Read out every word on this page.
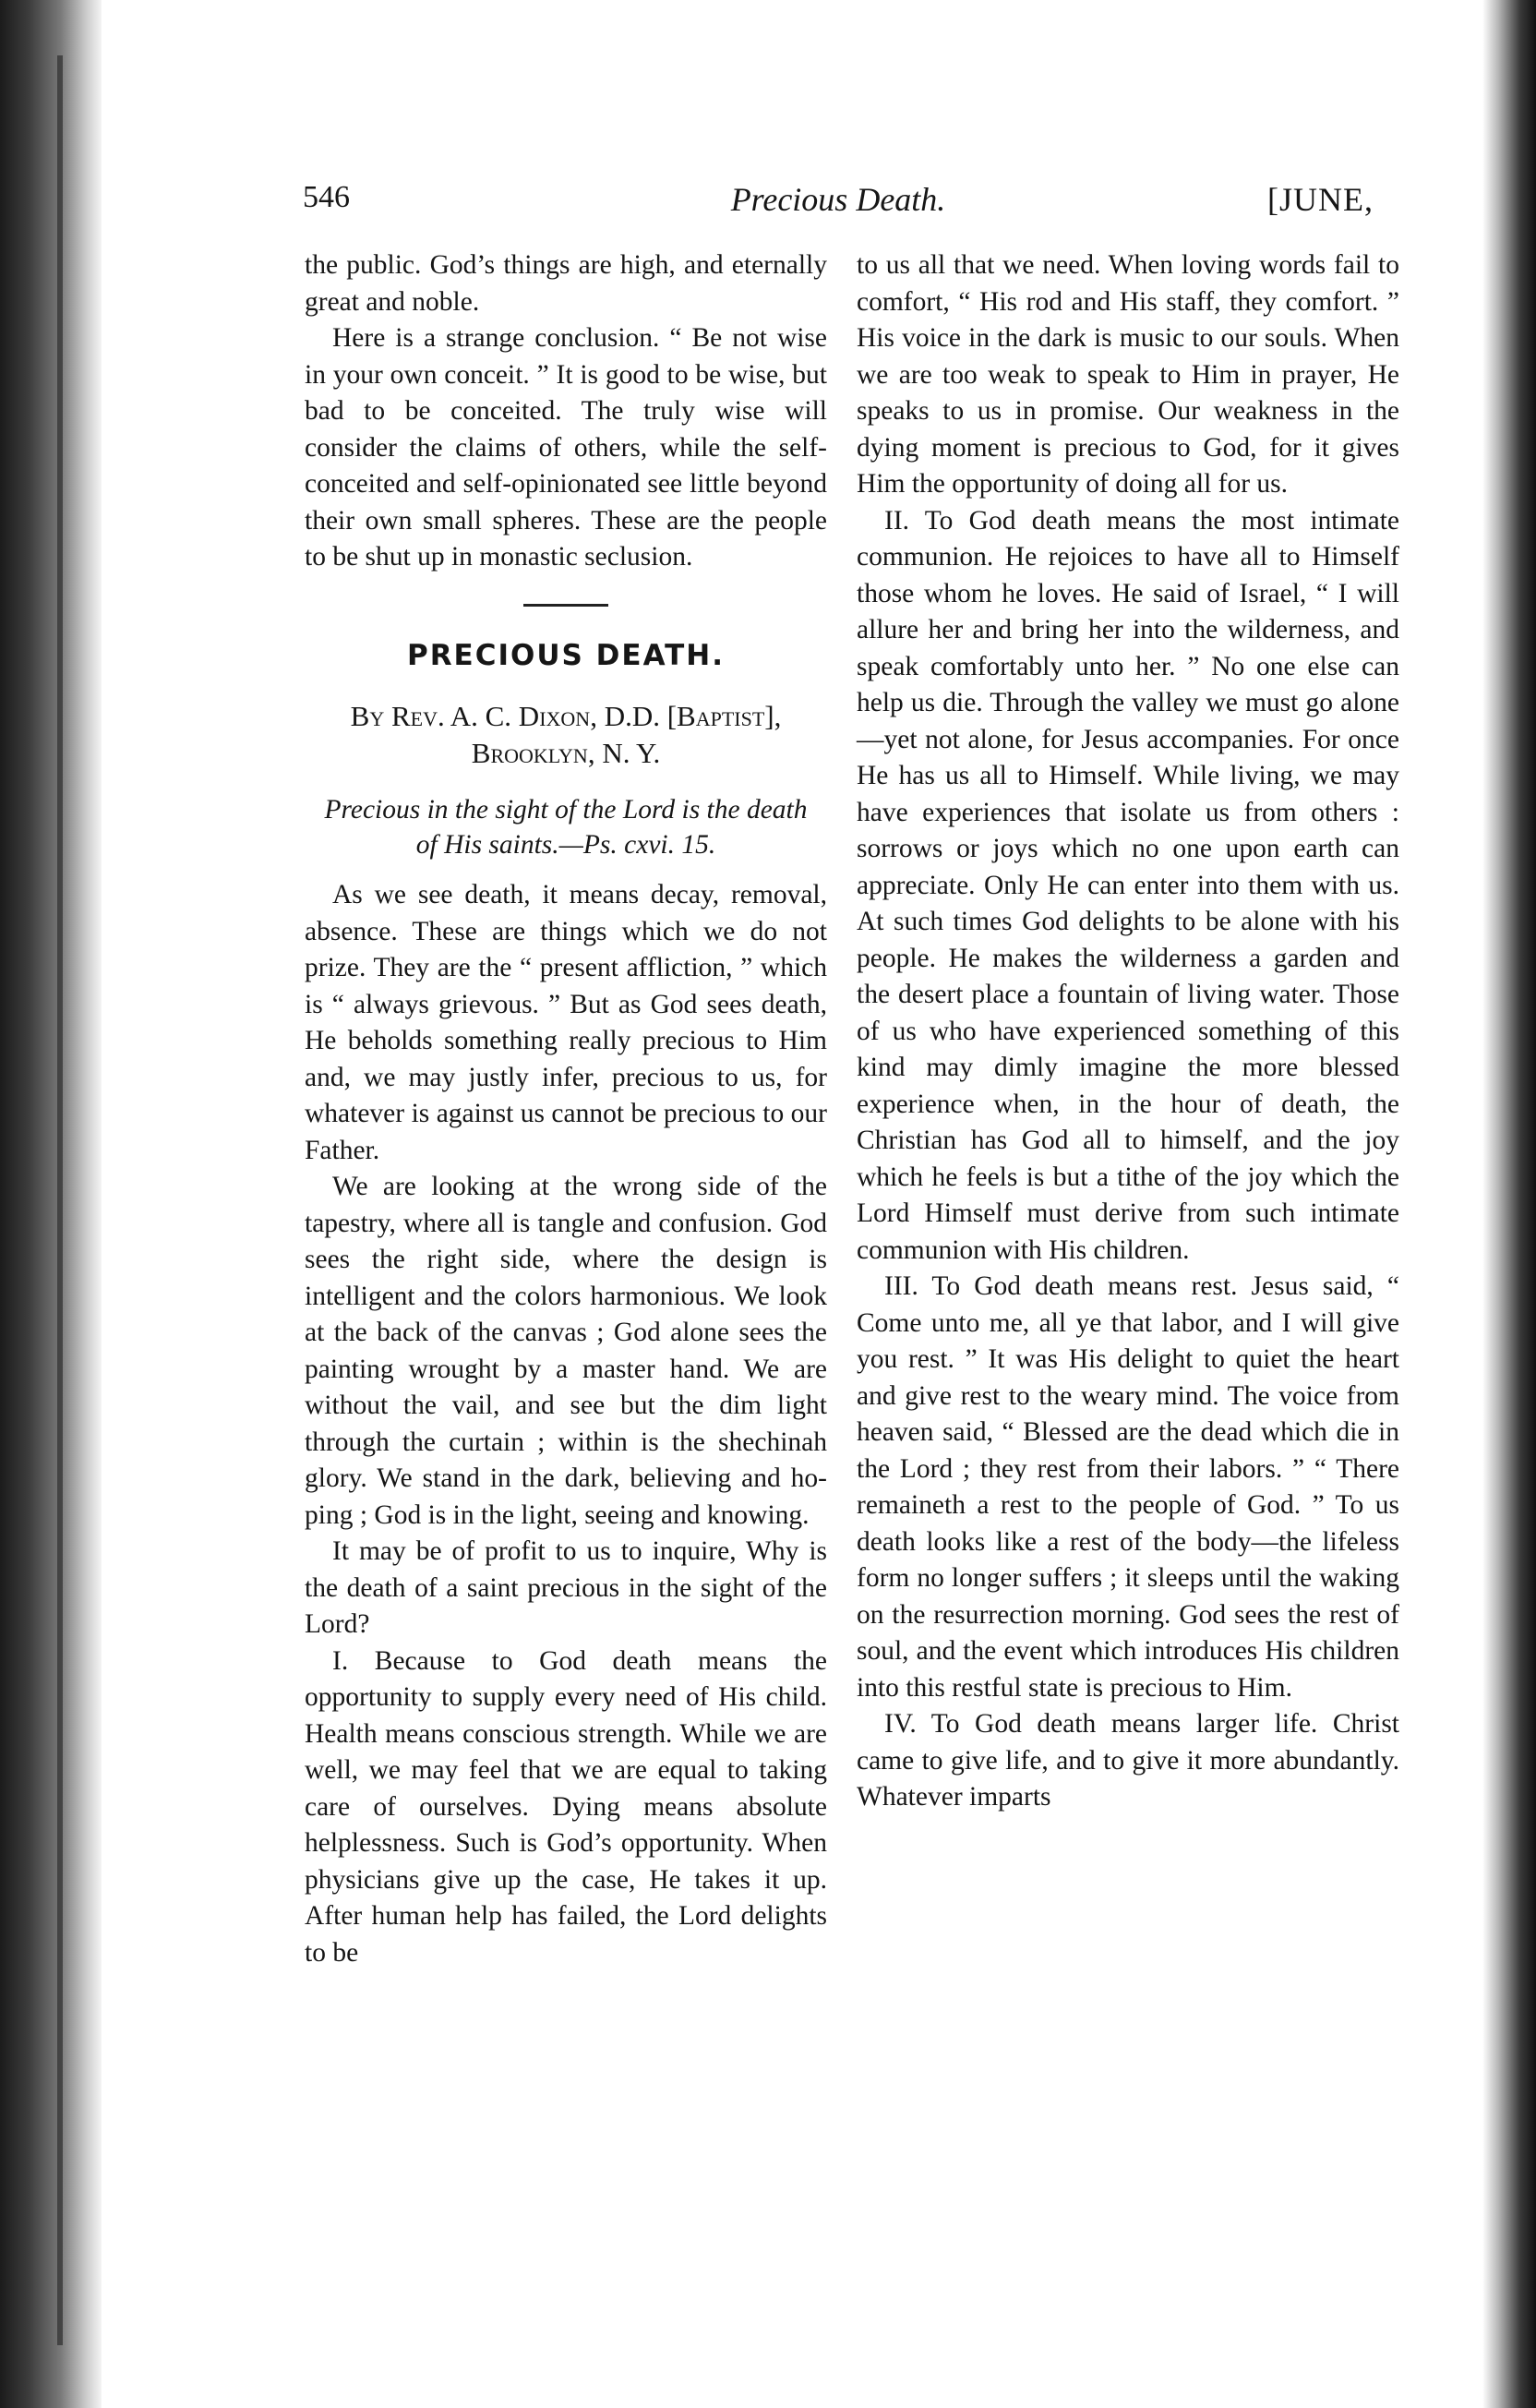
546	Precious Death.	[JUNE,

the public. God’s things are high, and eternally great and noble.

Here is a strange conclusion. “ Be not wise in your own conceit. ” It is good to be wise, but bad to be conceited. The truly wise will consider the claims of others, while the self-conceited and self-opinionated see little beyond their own small spheres. These are the people to be shut up in monastic seclusion.

PRECIOUS DEATH.
By Rev. A. C. Dixon, D.D. [Baptist], Brooklyn, N. Y.
Precious in the sight of the Lord is the death of His saints.—Ps. cxvi. 15.

As we see death, it means decay, removal, absence. These are things which we do not prize. They are the “ present affliction, ” which is “ always grievous. ” But as God sees death, He beholds something really precious to Him and, we may justly infer, precious to us, for whatever is against us cannot be precious to our Father.

We are looking at the wrong side of the tapestry, where all is tangle and confusion. God sees the right side, where the design is intelligent and the colors harmonious. We look at the back of the canvas ; God alone sees the painting wrought by a master hand. We are without the vail, and see but the dim light through the curtain ; within is the shechinah glory. We stand in the dark, believing and hoping ; God is in the light, seeing and knowing.

It may be of profit to us to inquire, Why is the death of a saint precious in the sight of the Lord?

I. Because to God death means the opportunity to supply every need of His child. Health means conscious strength. While we are well, we may feel that we are equal to taking care of ourselves. Dying means absolute helplessness. Such is God’s opportunity. When physicians give up the case, He takes it up. After human help has failed, the Lord delights to be

to us all that we need. When loving words fail to comfort, “ His rod and His staff, they comfort. ” His voice in the dark is music to our souls. When we are too weak to speak to Him in prayer, He speaks to us in promise. Our weakness in the dying moment is precious to God, for it gives Him the opportunity of doing all for us.

II. To God death means the most intimate communion. He rejoices to have all to Himself those whom he loves. He said of Israel, “ I will allure her and bring her into the wilderness, and speak comfortably unto her. ” No one else can help us die. Through the valley we must go alone—yet not alone, for Jesus accompanies. For once He has us all to Himself. While living, we may have experiences that isolate us from others : sorrows or joys which no one upon earth can appreciate. Only He can enter into them with us. At such times God delights to be alone with his people. He makes the wilderness a garden and the desert place a fountain of living water. Those of us who have experienced something of this kind may dimly imagine the more blessed experience when, in the hour of death, the Christian has God all to himself, and the joy which he feels is but a tithe of the joy which the Lord Himself must derive from such intimate communion with His children.

III. To God death means rest. Jesus said, “ Come unto me, all ye that labor, and I will give you rest. ” It was His delight to quiet the heart and give rest to the weary mind. The voice from heaven said, “ Blessed are the dead which die in the Lord ; they rest from their labors. ” “ There remaineth a rest to the people of God. ” To us death looks like a rest of the body—the lifeless form no longer suffers ; it sleeps until the waking on the resurrection morning. God sees the rest of soul, and the event which introduces His children into this restful state is precious to Him.

IV. To God death means larger life. Christ came to give life, and to give it more abundantly. Whatever imparts
